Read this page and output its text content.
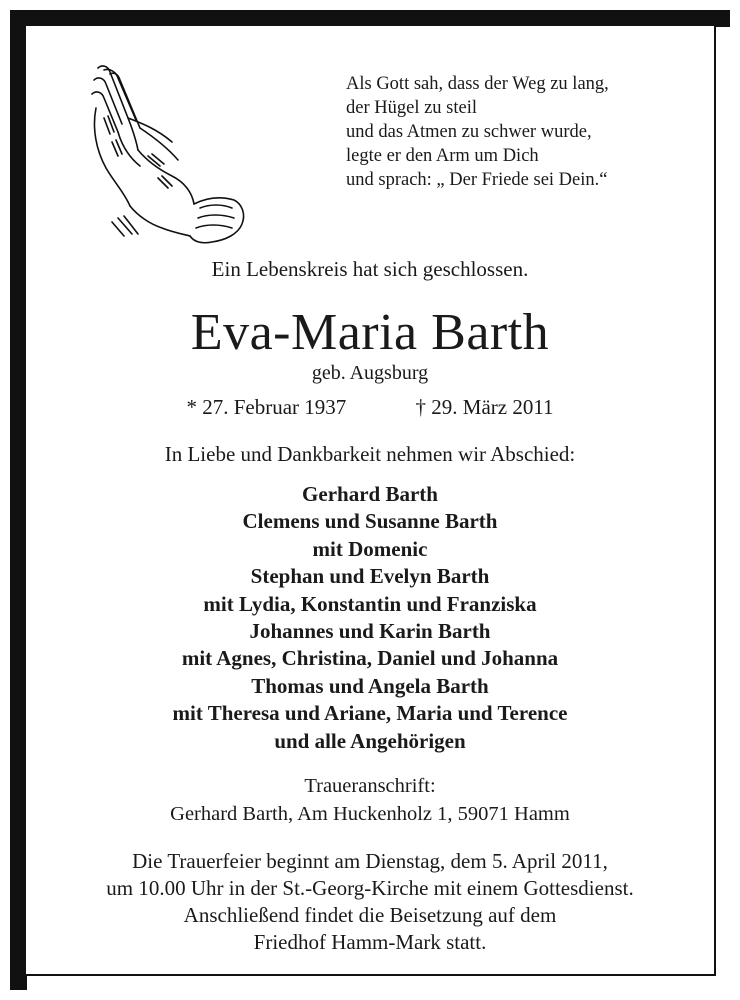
Als Gott sah, dass der Weg zu lang,
der Hügel zu steil
und das Atmen zu schwer wurde,
legte er den Arm um Dich
und sprach: „ Der Friede sei Dein.“
Ein Lebenskreis hat sich geschlossen.
Eva-Maria Barth
geb. Augsburg
* 27. Februar 1937	† 29. März 2011
In Liebe und Dankbarkeit nehmen wir Abschied:
Gerhard Barth
Clemens und Susanne Barth
mit Domenic
Stephan und Evelyn Barth
mit Lydia, Konstantin und Franziska
Johannes und Karin Barth
mit Agnes, Christina, Daniel und Johanna
Thomas und Angela Barth
mit Theresa und Ariane, Maria und Terence
und alle Angehörigen
Traueranschrift:
Gerhard Barth, Am Huckenholz 1, 59071 Hamm
Die Trauerfeier beginnt am Dienstag, dem 5. April 2011,
um 10.00 Uhr in der St.-Georg-Kirche mit einem Gottesdienst.
Anschließend findet die Beisetzung auf dem
Friedhof Hamm-Mark statt.
